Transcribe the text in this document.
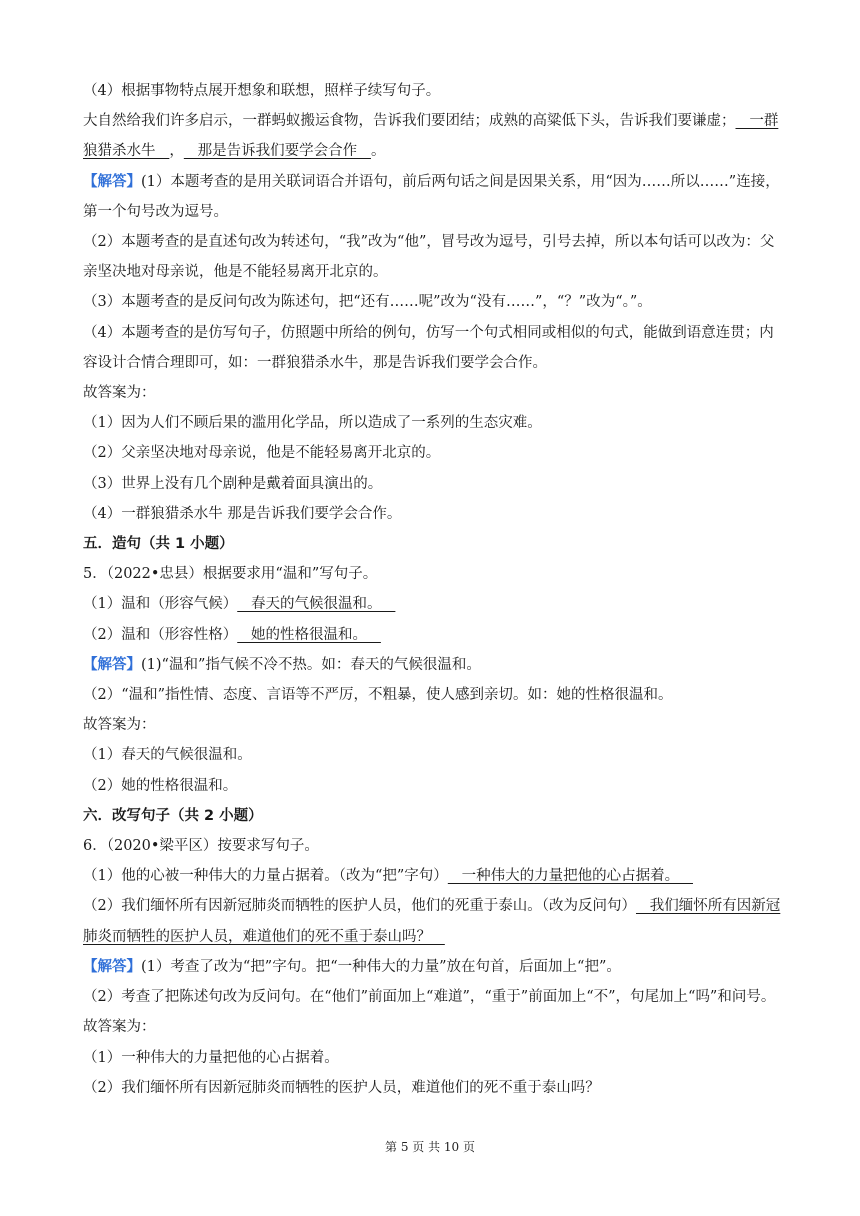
（4）根据事物特点展开想象和联想，照样子续写句子。
大自然给我们许多启示，一群蚂蚁搬运食物，告诉我们要团结；成熟的高粱低下头，告诉我们要谦虚；   一群狼猎杀水牛   ，   那是告诉我们要学会合作   。
【解答】(1）本题考查的是用关联词语合并语句，前后两句话之间是因果关系，用“因为……所以……”连接，第一个句号改为逗号。
（2）本题考查的是直述句改为转述句，“我”改为“他”，冒号改为逗号，引号去掉，所以本句话可以改为：父亲坚决地对母亲说，他是不能轻易离开北京的。
（3）本题考查的是反问句改为陈述句，把“还有……呢”改为“没有……”，“？”改为“。”。
（4）本题考查的是仿写句子，仿照题中所给的例句，仿写一个句式相同或相似的句式，能做到语意连贯；内容设计合情合理即可，如：一群狼猎杀水牛，那是告诉我们要学会合作。
故答案为：
（1）因为人们不顾后果的滥用化学品，所以造成了一系列的生态灾难。
（2）父亲坚决地对母亲说，他是不能轻易离开北京的。
（3）世界上没有几个剧种是戴着面具演出的。
（4）一群狼猎杀水牛 那是告诉我们要学会合作。
五．造句（共 1 小题）
5．（2022•忠县）根据要求用“温和”写句子。
（1）温和（形容气候）   春天的气候很温和。
（2）温和（形容性格）   她的性格很温和。
【解答】(1)“温和”指气候不冷不热。如：春天的气候很温和。
（2）“温和”指性情、态度、言语等不严厉，不粗暴，使人感到亲切。如：她的性格很温和。
故答案为：
（1）春天的气候很温和。
（2）她的性格很温和。
六．改写句子（共 2 小题）
6．（2020•梁平区）按要求写句子。
（1）他的心被一种伟大的力量占据着。（改为“把”字句）   一种伟大的力量把他的心占据着。
（2）我们缅怀所有因新冠肺炎而牺牲的医护人员，他们的死重于泰山。（改为反问句）   我们缅怀所有因新冠肺炎而牺牲的医护人员，难道他们的死不重于泰山吗？
【解答】(1）考查了改为“把”字句。把“一种伟大的力量”放在句首，后面加上“把”。
（2）考查了把陈述句改为反问句。在“他们”前面加上“难道”，“重于”前面加上“不”，句尾加上“吗”和问号。
故答案为：
（1）一种伟大的力量把他的心占据着。
（2）我们缅怀所有因新冠肺炎而牺牲的医护人员，难道他们的死不重于泰山吗？
第 5 页 共 10 页
